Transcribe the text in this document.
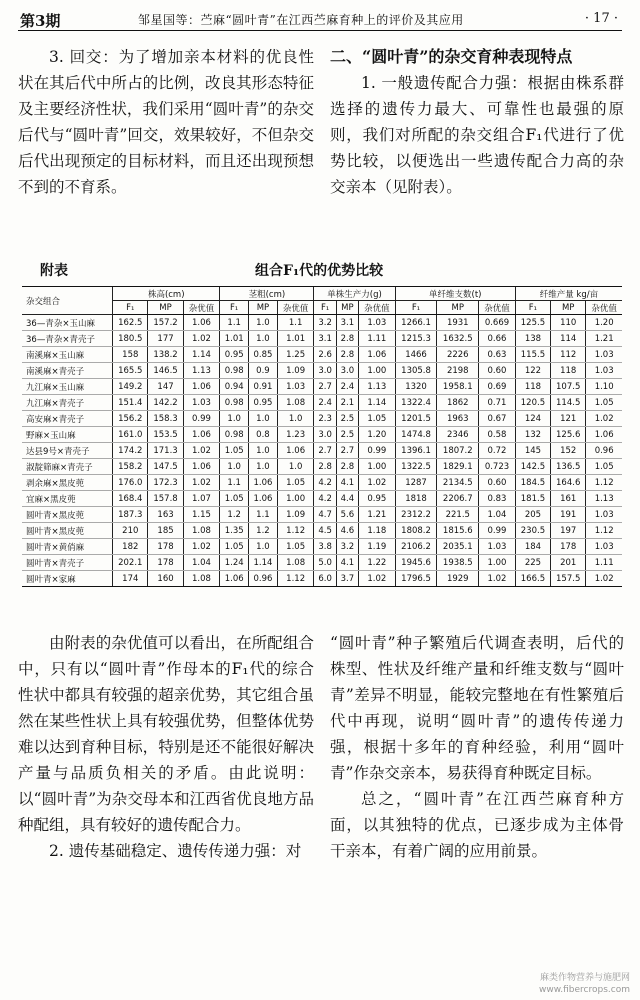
第3期	邹星国等：苎麻“圆叶青”在江西苎麻育种上的评价及其应用	· 17 ·

3. 回交：为了增加亲本材料的优良性状在其后代中所占的比例，改良其形态特征及主要经济性状，我们采用“圆叶青”的杂交后代与“圆叶青”回交，效果较好，不但杂交后代出现预定的目标材料，而且还出现预想不到的不育系。

二、“圆叶青”的杂交育种表现特点

1. 一般遗传配合力强：根据由株系群选择的遗传力最大、可靠性也最强的原则，我们对所配的杂交组合F₁代进行了优势比较，以便选出一些遗传配合力高的杂交亲本（见附表）。

附表	组合F₁代的优势比较
杂交组合	株高(cm)			茎粗(cm)			单株生产力(g)			单纤维支数(t)			纤维产量 kg/亩		
	F₁	MP	杂优值	F₁	MP	杂优值	F₁	MP	杂优值	F₁	MP	杂优值	F₁	MP	杂优值
36—青杂×玉山麻	162.5	157.2	1.06	1.1	1.0	1.1	3.2	3.1	1.03	1266.1	1931	0.669	125.5	110	1.20
36—青杂×青壳子	180.5	177	1.02	1.01	1.0	1.01	3.1	2.8	1.11	1215.3	1632.5	0.66	138	114	1.21
南溪麻×玉山麻	158	138.2	1.14	0.95	0.85	1.25	2.6	2.8	1.06	1466	2226	0.63	115.5	112	1.03
南溪麻×青壳子	165.5	146.5	1.13	0.98	0.9	1.09	3.0	3.0	1.00	1305.8	2198	0.60	122	118	1.03
九江麻×玉山麻	149.2	147	1.06	0.94	0.91	1.03	2.7	2.4	1.13	1320	1958.1	0.69	118	107.5	1.10
九江麻×青壳子	151.4	142.2	1.03	0.98	0.95	1.08	2.4	2.1	1.14	1322.4	1862	0.71	120.5	114.5	1.05
高安麻×青壳子	156.2	158.3	0.99	1.0	1.0	1.0	2.3	2.5	1.05	1201.5	1963	0.67	124	121	1.02
野麻×玉山麻	161.0	153.5	1.06	0.98	0.8	1.23	3.0	2.5	1.20	1474.8	2346	0.58	132	125.6	1.06
达县9号×青壳子	174.2	171.3	1.02	1.05	1.0	1.06	2.7	2.7	0.99	1396.1	1807.2	0.72	145	152	0.96
淑靛筛麻×青壳子	158.2	147.5	1.06	1.0	1.0	1.0	2.8	2.8	1.00	1322.5	1829.1	0.723	142.5	136.5	1.05
剥余麻×黑皮蔸	176.0	172.3	1.02	1.1	1.06	1.05	4.2	4.1	1.02	1287	2134.5	0.60	184.5	164.6	1.12
宜麻×黑皮蔸	168.4	157.8	1.07	1.05	1.06	1.00	4.2	4.4	0.95	1818	2206.7	0.83	181.5	161	1.13
圆叶青×黑皮蔸	187.3	163	1.15	1.2	1.1	1.09	4.7	5.6	1.21	2312.2	221.5	1.04	205	191	1.03
圆叶青×黑皮蔸	210	185	1.08	1.35	1.2	1.12	4.5	4.6	1.18	1808.2	1815.6	0.99	230.5	197	1.12
圆叶青×黄俏麻	182	178	1.02	1.05	1.0	1.05	3.8	3.2	1.19	2106.2	2035.1	1.03	184	178	1.03
圆叶青×青壳子	202.1	178	1.04	1.24	1.14	1.08	5.0	4.1	1.22	1945.6	1938.5	1.00	225	201	1.11
圆叶青×家麻	174	160	1.08	1.06	0.96	1.12	6.0	3.7	1.02	1796.5	1929	1.02	166.5	157.5	1.02

由附表的杂优值可以看出，在所配组合中，只有以“圆叶青”作母本的F₁代的综合性状中都具有较强的超亲优势，其它组合虽然在某些性状上具有较强优势，但整体优势难以达到育种目标，特别是还不能很好解决产量与品质负相关的矛盾。由此说明：以“圆叶青”为杂交母本和江西省优良地方品种配组，具有较好的遗传配合力。

2. 遗传基础稳定、遗传传递力强：对

“圆叶青”种子繁殖后代调查表明，后代的株型、性状及纤维产量和纤维支数与“圆叶青”差异不明显，能较完整地在有性繁殖后代中再现，说明“圆叶青”的遗传传递力强，根据十多年的育种经验，利用“圆叶青”作杂交亲本，易获得育种既定目标。

总之，“圆叶青”在江西苎麻育种方面，以其独特的优点，已逐步成为主体骨干亲本，有着广阔的应用前景。

麻类作物营养与施肥网 www.fibercrops.com
